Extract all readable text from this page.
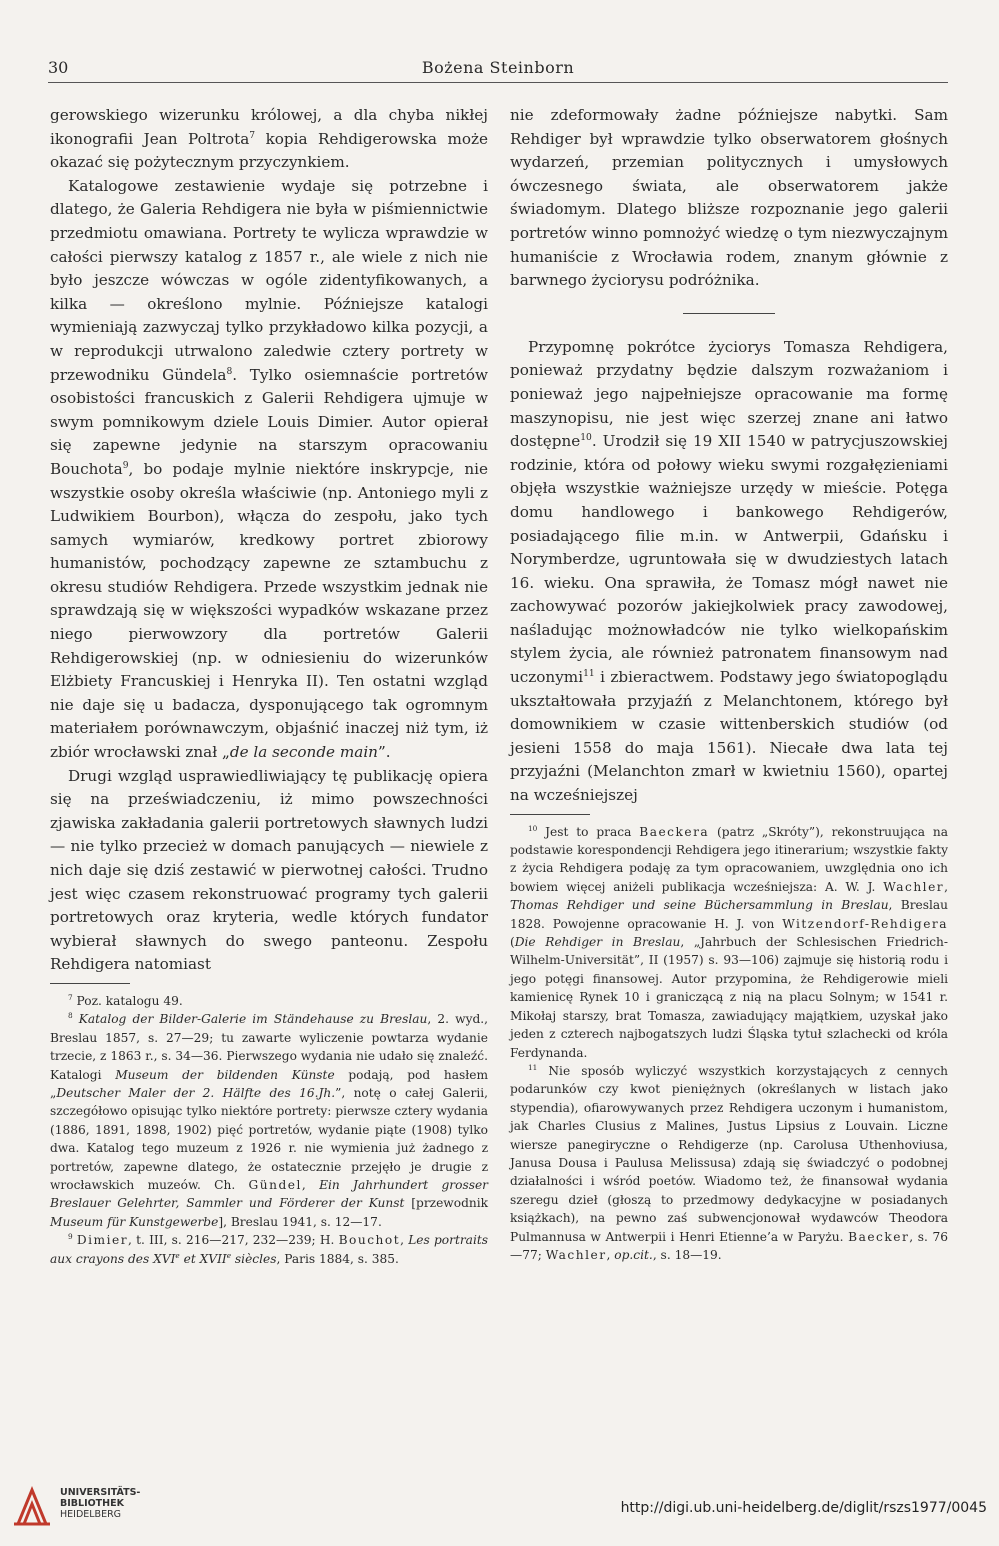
30	Bożena Steinborn

gerowskiego wizerunku królowej, a dla chyba nikłej ikonografii Jean Poltrota$^7$ kopia Rehdigerowska może okazać się pożytecznym przyczynkiem.

Katalogowe zestawienie wydaje się potrzebne i dlatego, że Galeria Rehdigera nie była w piśmiennictwie przedmiotu omawiana. Portrety te wylicza wprawdzie w całości pierwszy katalog z 1857 r., ale wiele z nich nie było jeszcze wówczas w ogóle zidentyfikowanych, a kilka — określono mylnie. Późniejsze katalogi wymieniają zazwyczaj tylko przykładowo kilka pozycji, a w reprodukcji utrwalono zaledwie cztery portrety w przewodniku Gündela$^8$. Tylko osiemnaście portretów osobistości francuskich z Galerii Rehdigera ujmuje w swym pomnikowym dziele Louis Dimier. Autor opierał się zapewne jedynie na starszym opracowaniu Bouchota$^9$, bo podaje mylnie niektóre inskrypcje, nie wszystkie osoby określa właściwie (np. Antoniego myli z Ludwikiem Bourbon), włącza do zespołu, jako tych samych wymiarów, kredkowy portret zbiorowy humanistów, pochodzący zapewne ze sztambuchu z okresu studiów Rehdigera. Przede wszystkim jednak nie sprawdzają się w większości wypadków wskazane przez niego pierwowzory dla portretów Galerii Rehdigerowskiej (np. w odniesieniu do wizerunków Elżbiety Francuskiej i Henryka II). Ten ostatni wzgląd nie daje się u badacza, dysponującego tak ogromnym materiałem porównawczym, objaśnić inaczej niż tym, iż zbiór wrocławski znał „de la seconde main”.

Drugi wzgląd usprawiedliwiający tę publikację opiera się na przeświadczeniu, iż mimo powszechności zjawiska zakładania galerii portretowych sławnych ludzi — nie tylko przecież w domach panujących — niewiele z nich daje się dziś zestawić w pierwotnej całości. Trudno jest więc czasem rekonstruować programy tych galerii portretowych oraz kryteria, wedle których fundator wybierał sławnych do swego panteonu. Zespołu Rehdigera natomiast

$^7$ Poz. katalogu 49.

$^8$ Katalog der Bilder-Galerie im Ständehause zu Breslau, 2. wyd., Breslau 1857, s. 27—29; tu zawarte wyliczenie powtarza wydanie trzecie, z 1863 r., s. 34—36. Pierwszego wydania nie udało się znaleźć. Katalogi Museum der bildenden Künste podają, pod hasłem „Deutscher Maler der 2. Hälfte des 16.Jh.”, notę o całej Galerii, szczegółowo opisując tylko niektóre portrety: pierwsze cztery wydania (1886, 1891, 1898, 1902) pięć portretów, wydanie piąte (1908) tylko dwa. Katalog tego muzeum z 1926 r. nie wymienia już żadnego z portretów, zapewne dlatego, że ostatecznie przejęło je drugie z wrocławskich muzeów. Ch. Gündel, Ein Jahrhundert grosser Breslauer Gelehrter, Sammler und Förderer der Kunst [przewodnik Museum für Kunstgewerbe], Breslau 1941, s. 12—17.

$^9$ Dimier, t. III, s. 216—217, 232—239; H. Bouchot, Les portraits aux crayons des XVIe et XVIIe siècles, Paris 1884, s. 385.

nie zdeformowały żadne późniejsze nabytki. Sam Rehdiger był wprawdzie tylko obserwatorem głośnych wydarzeń, przemian politycznych i umysłowych ówczesnego świata, ale obserwatorem jakże świadomym. Dlatego bliższe rozpoznanie jego galerii portretów winno pomnożyć wiedzę o tym niezwyczajnym humaniście z Wrocławia rodem, znanym głównie z barwnego życiorysu podróżnika.

Przypomnę pokrótce życiorys Tomasza Rehdigera, ponieważ przydatny będzie dalszym rozważaniom i ponieważ jego najpełniejsze opracowanie ma formę maszynopisu, nie jest więc szerzej znane ani łatwo dostępne$^{10}$. Urodził się 19 XII 1540 w patrycjuszowskiej rodzinie, która od połowy wieku swymi rozgałęzieniami objęła wszystkie ważniejsze urzędy w mieście. Potęga domu handlowego i bankowego Rehdigerów, posiadającego filie m.in. w Antwerpii, Gdańsku i Norymberdze, ugruntowała się w dwudziestych latach 16. wieku. Ona sprawiła, że Tomasz mógł nawet nie zachowywać pozorów jakiejkolwiek pracy zawodowej, naśladując możnowładców nie tylko wielkopańskim stylem życia, ale również patronatem finansowym nad uczonymi$^{11}$ i zbieractwem. Podstawy jego światopoglądu ukształtowała przyjaźń z Melanchtonem, którego był domownikiem w czasie wittenberskich studiów (od jesieni 1558 do maja 1561). Niecałe dwa lata tej przyjaźni (Melanchton zmarł w kwietniu 1560), opartej na wcześniejszej

$^{10}$ Jest to praca Baeckera (patrz „Skróty”), rekonstruująca na podstawie korespondencji Rehdigera jego itinerarium; wszystkie fakty z życia Rehdigera podaję za tym opracowaniem, uwzględnia ono ich bowiem więcej aniżeli publikacja wcześniejsza: A. W. J. Wachler, Thomas Rehdiger und seine Büchersammlung in Breslau, Breslau 1828. Powojenne opracowanie H. J. von Witzendorf-Rehdigera (Die Rehdiger in Breslau, „Jahrbuch der Schlesischen Friedrich-Wilhelm-Universität”, II (1957) s. 93—106) zajmuje się historią rodu i jego potęgi finansowej. Autor przypomina, że Rehdigerowie mieli kamienicę Rynek 10 i graniczącą z nią na placu Solnym; w 1541 r. Mikołaj starszy, brat Tomasza, zawiadujący majątkiem, uzyskał jako jeden z czterech najbogatszych ludzi Śląska tytuł szlachecki od króla Ferdynanda.

$^{11}$ Nie sposób wyliczyć wszystkich korzystających z cennych podarunków czy kwot pieniężnych (określanych w listach jako stypendia), ofiarowywanych przez Rehdigera uczonym i humanistom, jak Charles Clusius z Malines, Justus Lipsius z Louvain. Liczne wiersze panegiryczne o Rehdigerze (np. Carolusa Uthenhoviusa, Janusa Dousa i Paulusa Melissusa) zdają się świadczyć o podobnej działalności i wśród poetów. Wiadomo też, że finansował wydania szeregu dzieł (głoszą to przedmowy dedykacyjne w posiadanych książkach), na pewno zaś subwencjonował wydawców Theodora Pulmannusa w Antwerpii i Henri Etienne’a w Paryżu. Baecker, s. 76—77; Wachler, op.cit., s. 18—19.

UNIVERSITÄTS-
BIBLIOTHEK
HEIDELBERG	http://digi.ub.uni-heidelberg.de/diglit/rszs1977/0045
